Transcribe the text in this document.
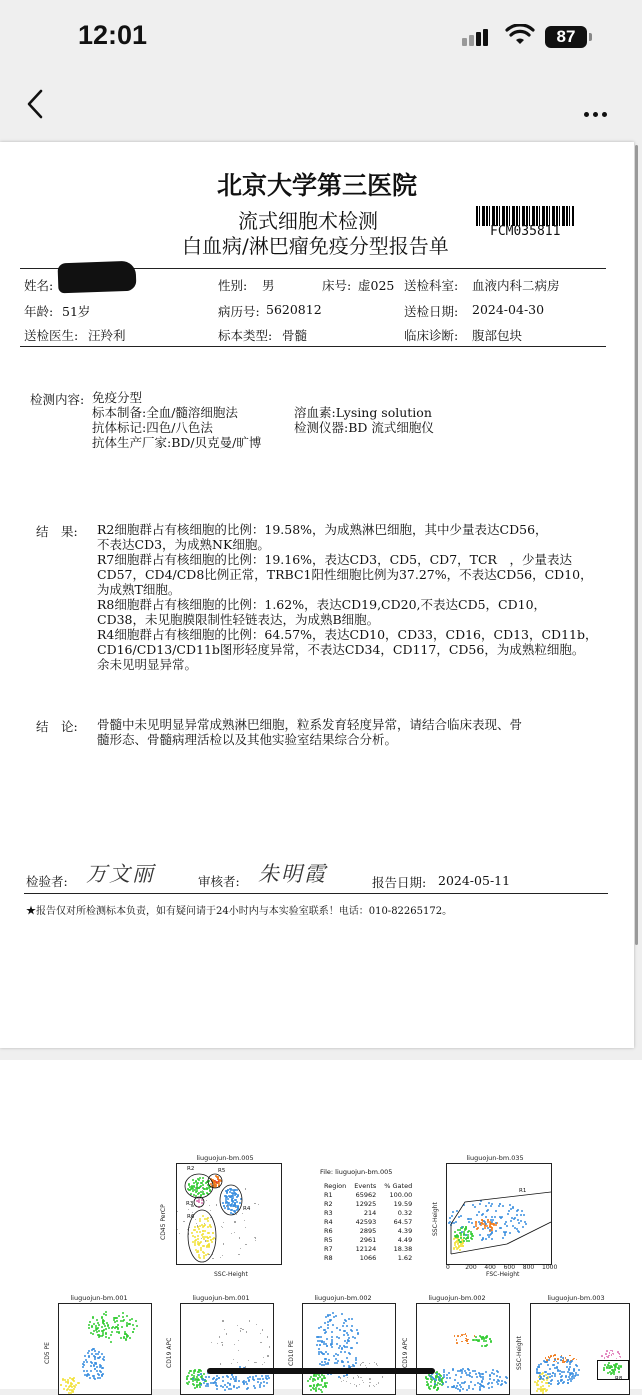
12:01	87
北京大学第三医院
流式细胞术检测
白血病/淋巴瘤免疫分型报告单
FCM035811
姓名:	性别: 男	床号: 虚025 送检科室: 血液内科二病房
年龄: 51岁	病历号: 5620812	送检日期: 2024-04-30
送检医生: 汪羚利	标本类型: 骨髓	临床诊断: 腹部包块
检测内容: 免疫分型
标本制备:全血/髓溶细胞法
抗体标记:四色/八色法
抗体生产厂家:BD/贝克曼/旷博
溶血素:Lysing solution
检测仪器:BD 流式细胞仪
结　果: R2细胞群占有核细胞的比例：19.58%，为成熟淋巴细胞，其中少量表达CD56，
不表达CD3，为成熟NK细胞。
R7细胞群占有核细胞的比例：19.16%，表达CD3，CD5，CD7，TCR　，少量表达
CD57，CD4/CD8比例正常，TRBC1阳性细胞比例为37.27%，不表达CD56，CD10，
为成熟T细胞。
R8细胞群占有核细胞的比例：1.62%，表达CD19,CD20,不表达CD5，CD10，
CD38，未见胞膜限制性轻链表达，为成熟B细胞。
R4细胞群占有核细胞的比例：64.57%，表达CD10，CD33，CD16，CD13，CD11b，
CD16/CD13/CD11b图形轻度异常，不表达CD34，CD117，CD56，为成熟粒细胞。
余未见明显异常。
结　论: 骨髓中未见明显异常成熟淋巴细胞，粒系发育轻度异常，请结合临床表现、骨
髓形态、骨髓病理活检以及其他实验室结果综合分析。
检验者: 万文丽	审核者: 朱明霞	报告日期: 2024-05-11
★报告仅对所检测标本负责，如有疑问请于24小时内与本实验室联系！电话：010-82265172。
liuguojun-bm.005
CD45 PerCP
R2	R5
R3
R6
R4
SSC-Height
File: liuguojun-bm.005
Region	Events	% Gated
R1	65962	100.00
R2	12925	19.59
R3	214	0.32
R4	42593	64.57
R6	2895	4.39
R5	2961	4.49
R7	12124	18.38
R8	1066	1.62
liuguojun-bm.035
SSC-Height
R1
0	200 400 600 800 1000
FSC-Height
liuguojun-bm.001
CD5 PE
liuguojun-bm.001
CD19 APC
liuguojun-bm.002
CD10 PE
liuguojun-bm.002
CD19 APC
liuguojun-bm.003
SSC-Height
R8
